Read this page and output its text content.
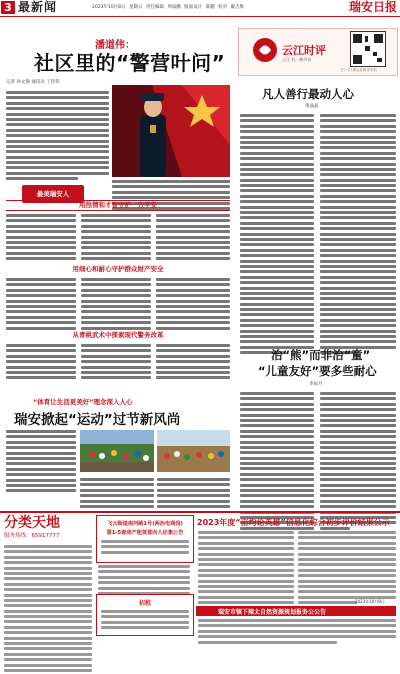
3 最新闻	2023年10月8日 星期日 责任编辑 周质鹏 版面设计 陈鹏 校对 戴吉维	瑞安日报
潘道伟：
社区里的“警营叶问”
记者 孙文静 通讯员 丁传伟
最美瑞安人
用热情和才智守护一方平安
用细心和耐心守护群众财产安全
从青桃武术中探索现代警务改革
云江时评
云江 有一种声音
扫一扫 看云江时评专栏
凡人善行最动人心
黄晶晶
治“熊”而非治“童”
“儿童友好”要多些耐心
李如月
“体育让生活更美好”理念深入人心
瑞安掀起“运动”过节新风尚
分类天地
服务热线：65917777
飞云街道南河路1号(两治电商园)
第1-5套房产租赁意向人征集公告
招租
2023年度“亩均论英雄”信息化综合初步评价结果公示
2023年10月8日
瑞安市镇下辣太自然资源规划报务公公告
